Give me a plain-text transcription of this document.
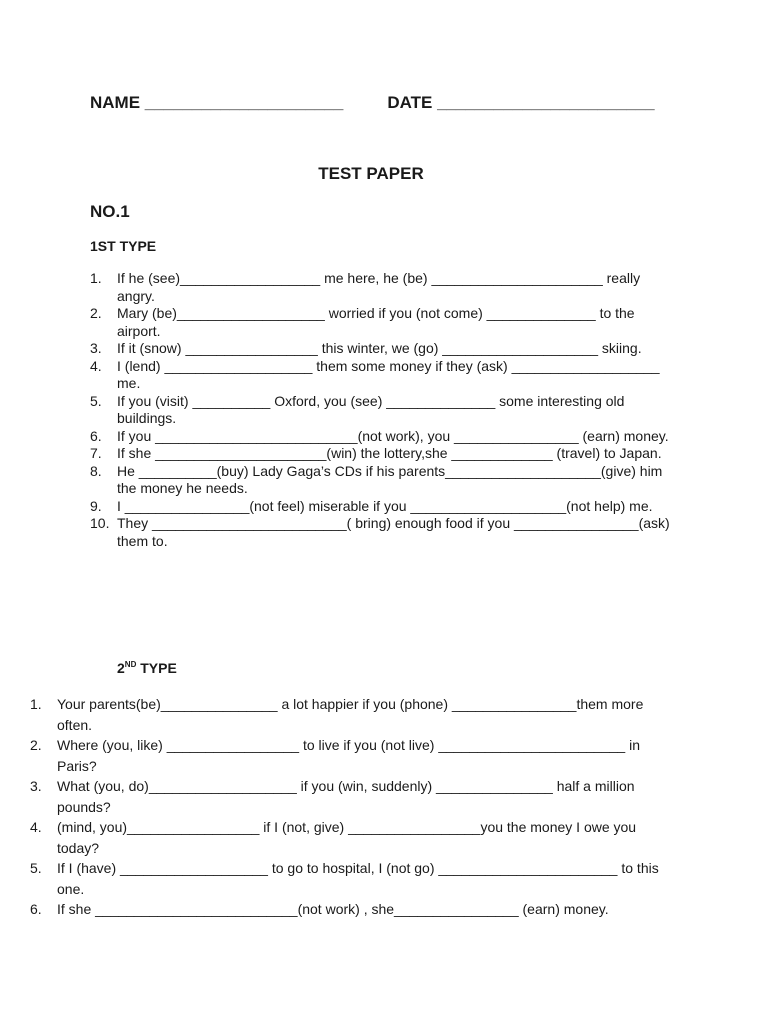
NAME _____________________	DATE _______________________
TEST PAPER
NO.1
1ST TYPE
1.	If he (see)__________________ me here, he (be) ______________________ really angry.
2.	Mary (be)___________________ worried if you (not come) ______________ to the airport.
3.	If it (snow) _________________ this winter, we (go) ____________________ skiing.
4.	I (lend) ___________________ them some money if they (ask) ___________________ me.
5.	If you (visit) __________ Oxford, you (see) ______________ some interesting old buildings.
6.	If you __________________________(not work), you ________________ (earn) money.
7.	If she ______________________(win) the lottery,she _____________ (travel) to Japan.
8.	He __________(buy) Lady Gaga’s CDs if his parents____________________(give) him the money he needs.
9.	I ________________(not feel) miserable if you ____________________(not help) me.
10. They _________________________( bring) enough food if you ________________(ask) them to.
2ND TYPE
1.	Your parents(be)_______________ a lot happier if you (phone) ________________them more often.
2.	Where (you, like) _________________ to live if you (not live) ________________________ in Paris?
3.	What (you, do)___________________ if you (win, suddenly) _______________ half a million pounds?
4.	(mind, you)_________________ if I (not, give) _________________you the money I owe you today?
5.	If I (have) ___________________ to go to hospital, I (not go) _______________________ to this one.
6.	If she __________________________(not work) , she________________ (earn) money.
